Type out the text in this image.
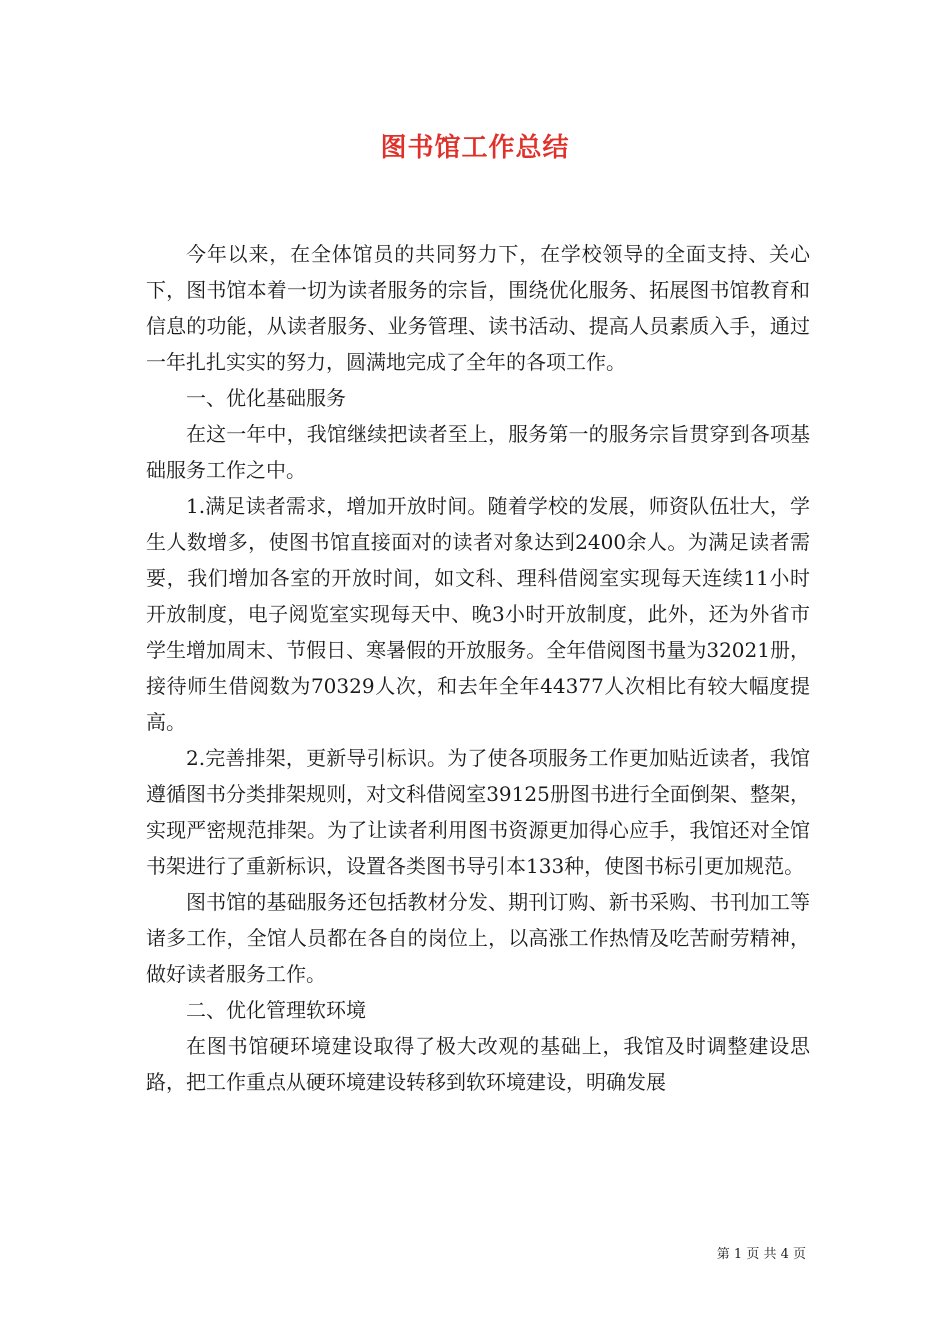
图书馆工作总结

今年以来，在全体馆员的共同努力下，在学校领导的全面支持、关心下，图书馆本着一切为读者服务的宗旨，围绕优化服务、拓展图书馆教育和信息的功能，从读者服务、业务管理、读书活动、提高人员素质入手，通过一年扎扎实实的努力，圆满地完成了全年的各项工作。

一、优化基础服务

在这一年中，我馆继续把读者至上，服务第一的服务宗旨贯穿到各项基础服务工作之中。

1.满足读者需求，增加开放时间。随着学校的发展，师资队伍壮大，学生人数增多，使图书馆直接面对的读者对象达到2400余人。为满足读者需要，我们增加各室的开放时间，如文科、理科借阅室实现每天连续11小时开放制度，电子阅览室实现每天中、晚3小时开放制度，此外，还为外省市学生增加周末、节假日、寒暑假的开放服务。全年借阅图书量为32021册，接待师生借阅数为70329人次，和去年全年44377人次相比有较大幅度提高。

2.完善排架，更新导引标识。为了使各项服务工作更加贴近读者，我馆遵循图书分类排架规则，对文科借阅室39125册图书进行全面倒架、整架，实现严密规范排架。为了让读者利用图书资源更加得心应手，我馆还对全馆书架进行了重新标识，设置各类图书导引本133种，使图书标引更加规范。

图书馆的基础服务还包括教材分发、期刊订购、新书采购、书刊加工等诸多工作，全馆人员都在各自的岗位上，以高涨工作热情及吃苦耐劳精神，做好读者服务工作。

二、优化管理软环境

在图书馆硬环境建设取得了极大改观的基础上，我馆及时调整建设思路，把工作重点从硬环境建设转移到软环境建设，明确发展

第 1 页 共 4 页
